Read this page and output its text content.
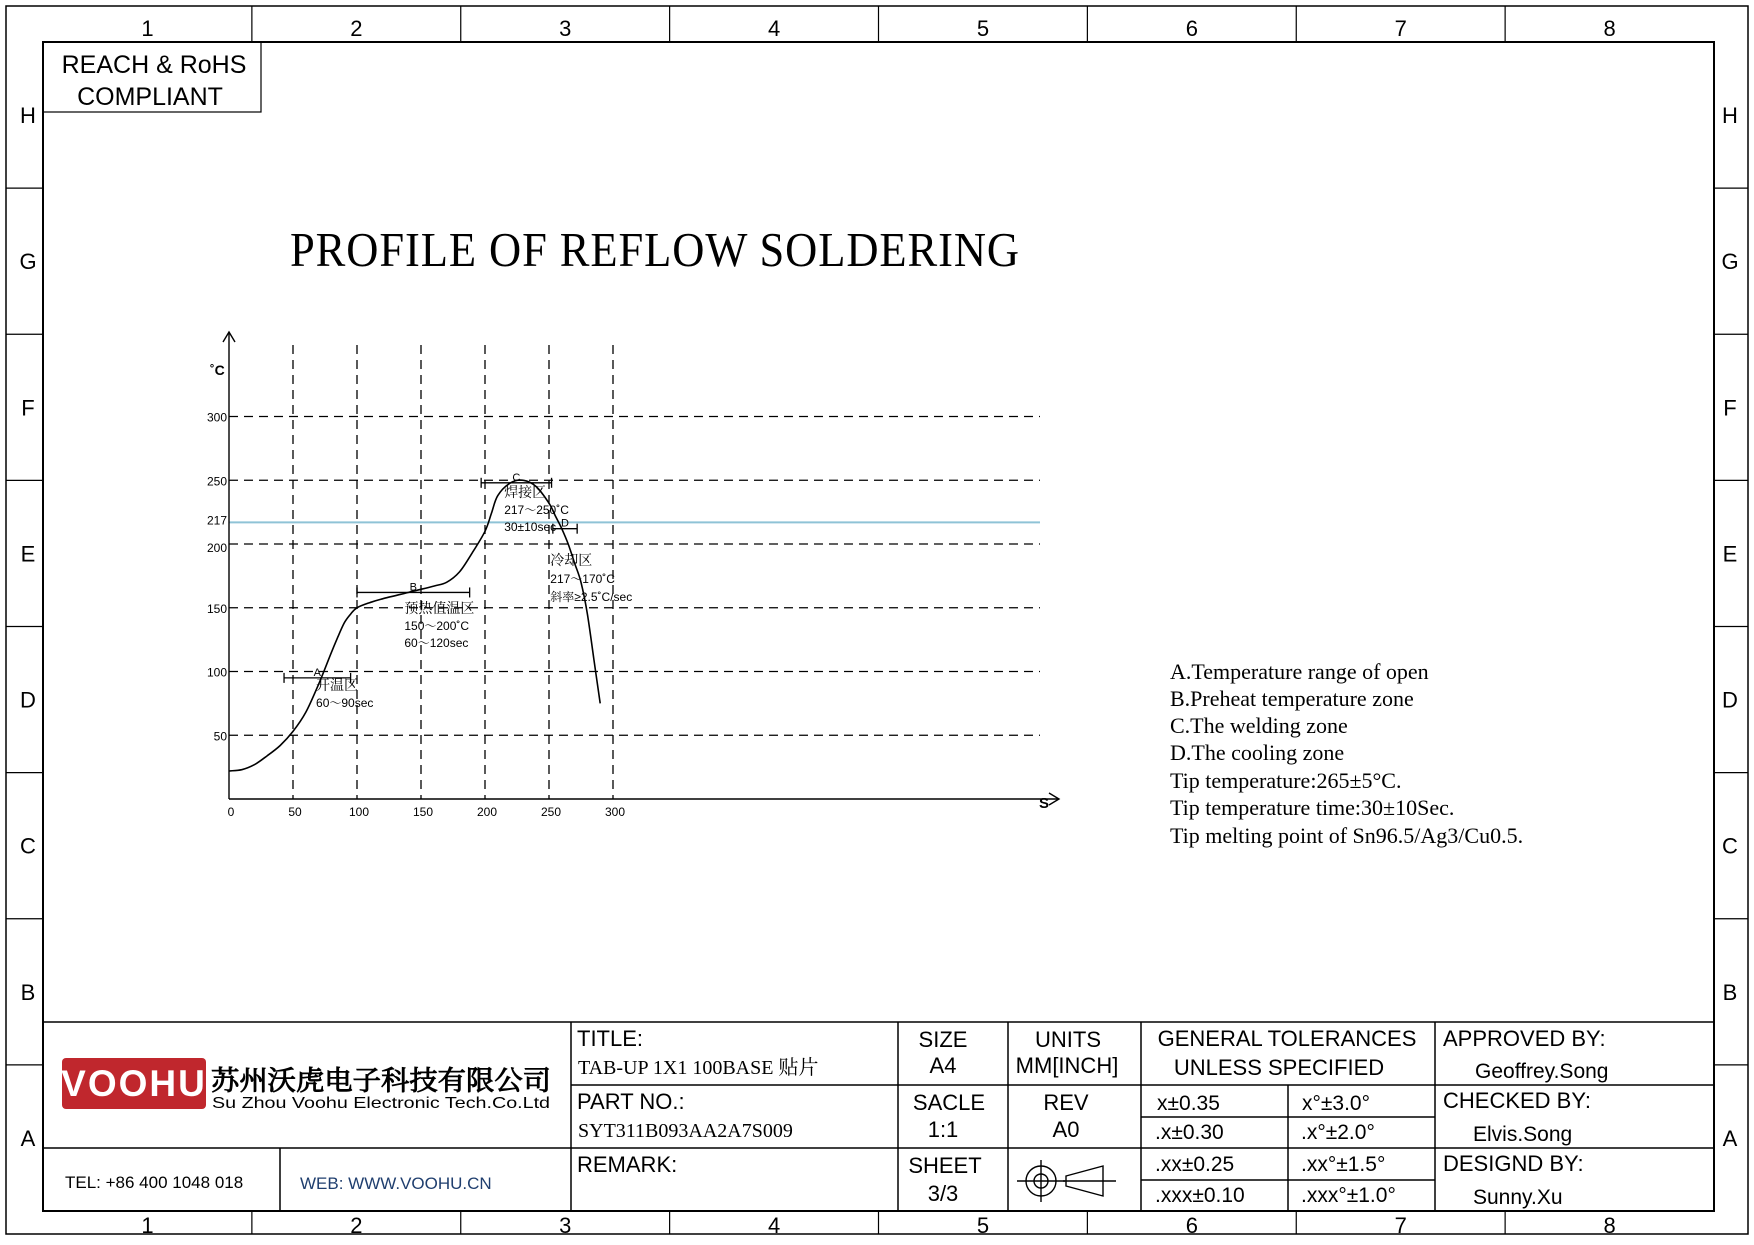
1
1
2
2
3
3
4
4
5
5
6
6
7
7
8
8
H	H
G	G
F	F
E	E
D	D
C	C
B	B
A	A
REACH & RoHS
COMPLIANT
PROFILE OF REFLOW SOLDERING
0	50	100	150	200	250	300
50
100
150
200
217
250
300
S
˚C
A
开温区
60～90sec
B
预热值温区
150～200˚C
60～120sec
C
焊接区
217～250˚C
30±10sec D
冷却区
217～170˚C
斜率≥2.5˚C/sec
A.Temperature range of open
B.Preheat temperature zone
C.The welding zone
D.The cooling zone
Tip temperature:265±5°C.
Tip temperature time:30±10Sec.
Tip melting point of Sn96.5/Ag3/Cu0.5.
VOOHU 苏州沃虎电子科技有限公司
Su Zhou Voohu Electronic Tech.Co.Ltd
TEL: +86 400 1048 018	WEB: WWW.VOOHU.CN
TITLE:
TAB-UP 1X1 100BASE 贴片
PART NO.:
SYT311B093AA2A7S009
REMARK:
SIZE
A4
UNITS
MM[INCH]
SACLE
1:1
REV
A0
SHEET
3/3
GENERAL TOLERANCES
UNLESS SPECIFIED
x±0.35	x°±3.0°
.x±0.30	.x°±2.0°
.xx±0.25	.xx°±1.5°
.xxx±0.10	.xxx°±1.0°
APPROVED BY:
Geoffrey.Song
CHECKED BY:
Elvis.Song
DESIGND BY:
Sunny.Xu
